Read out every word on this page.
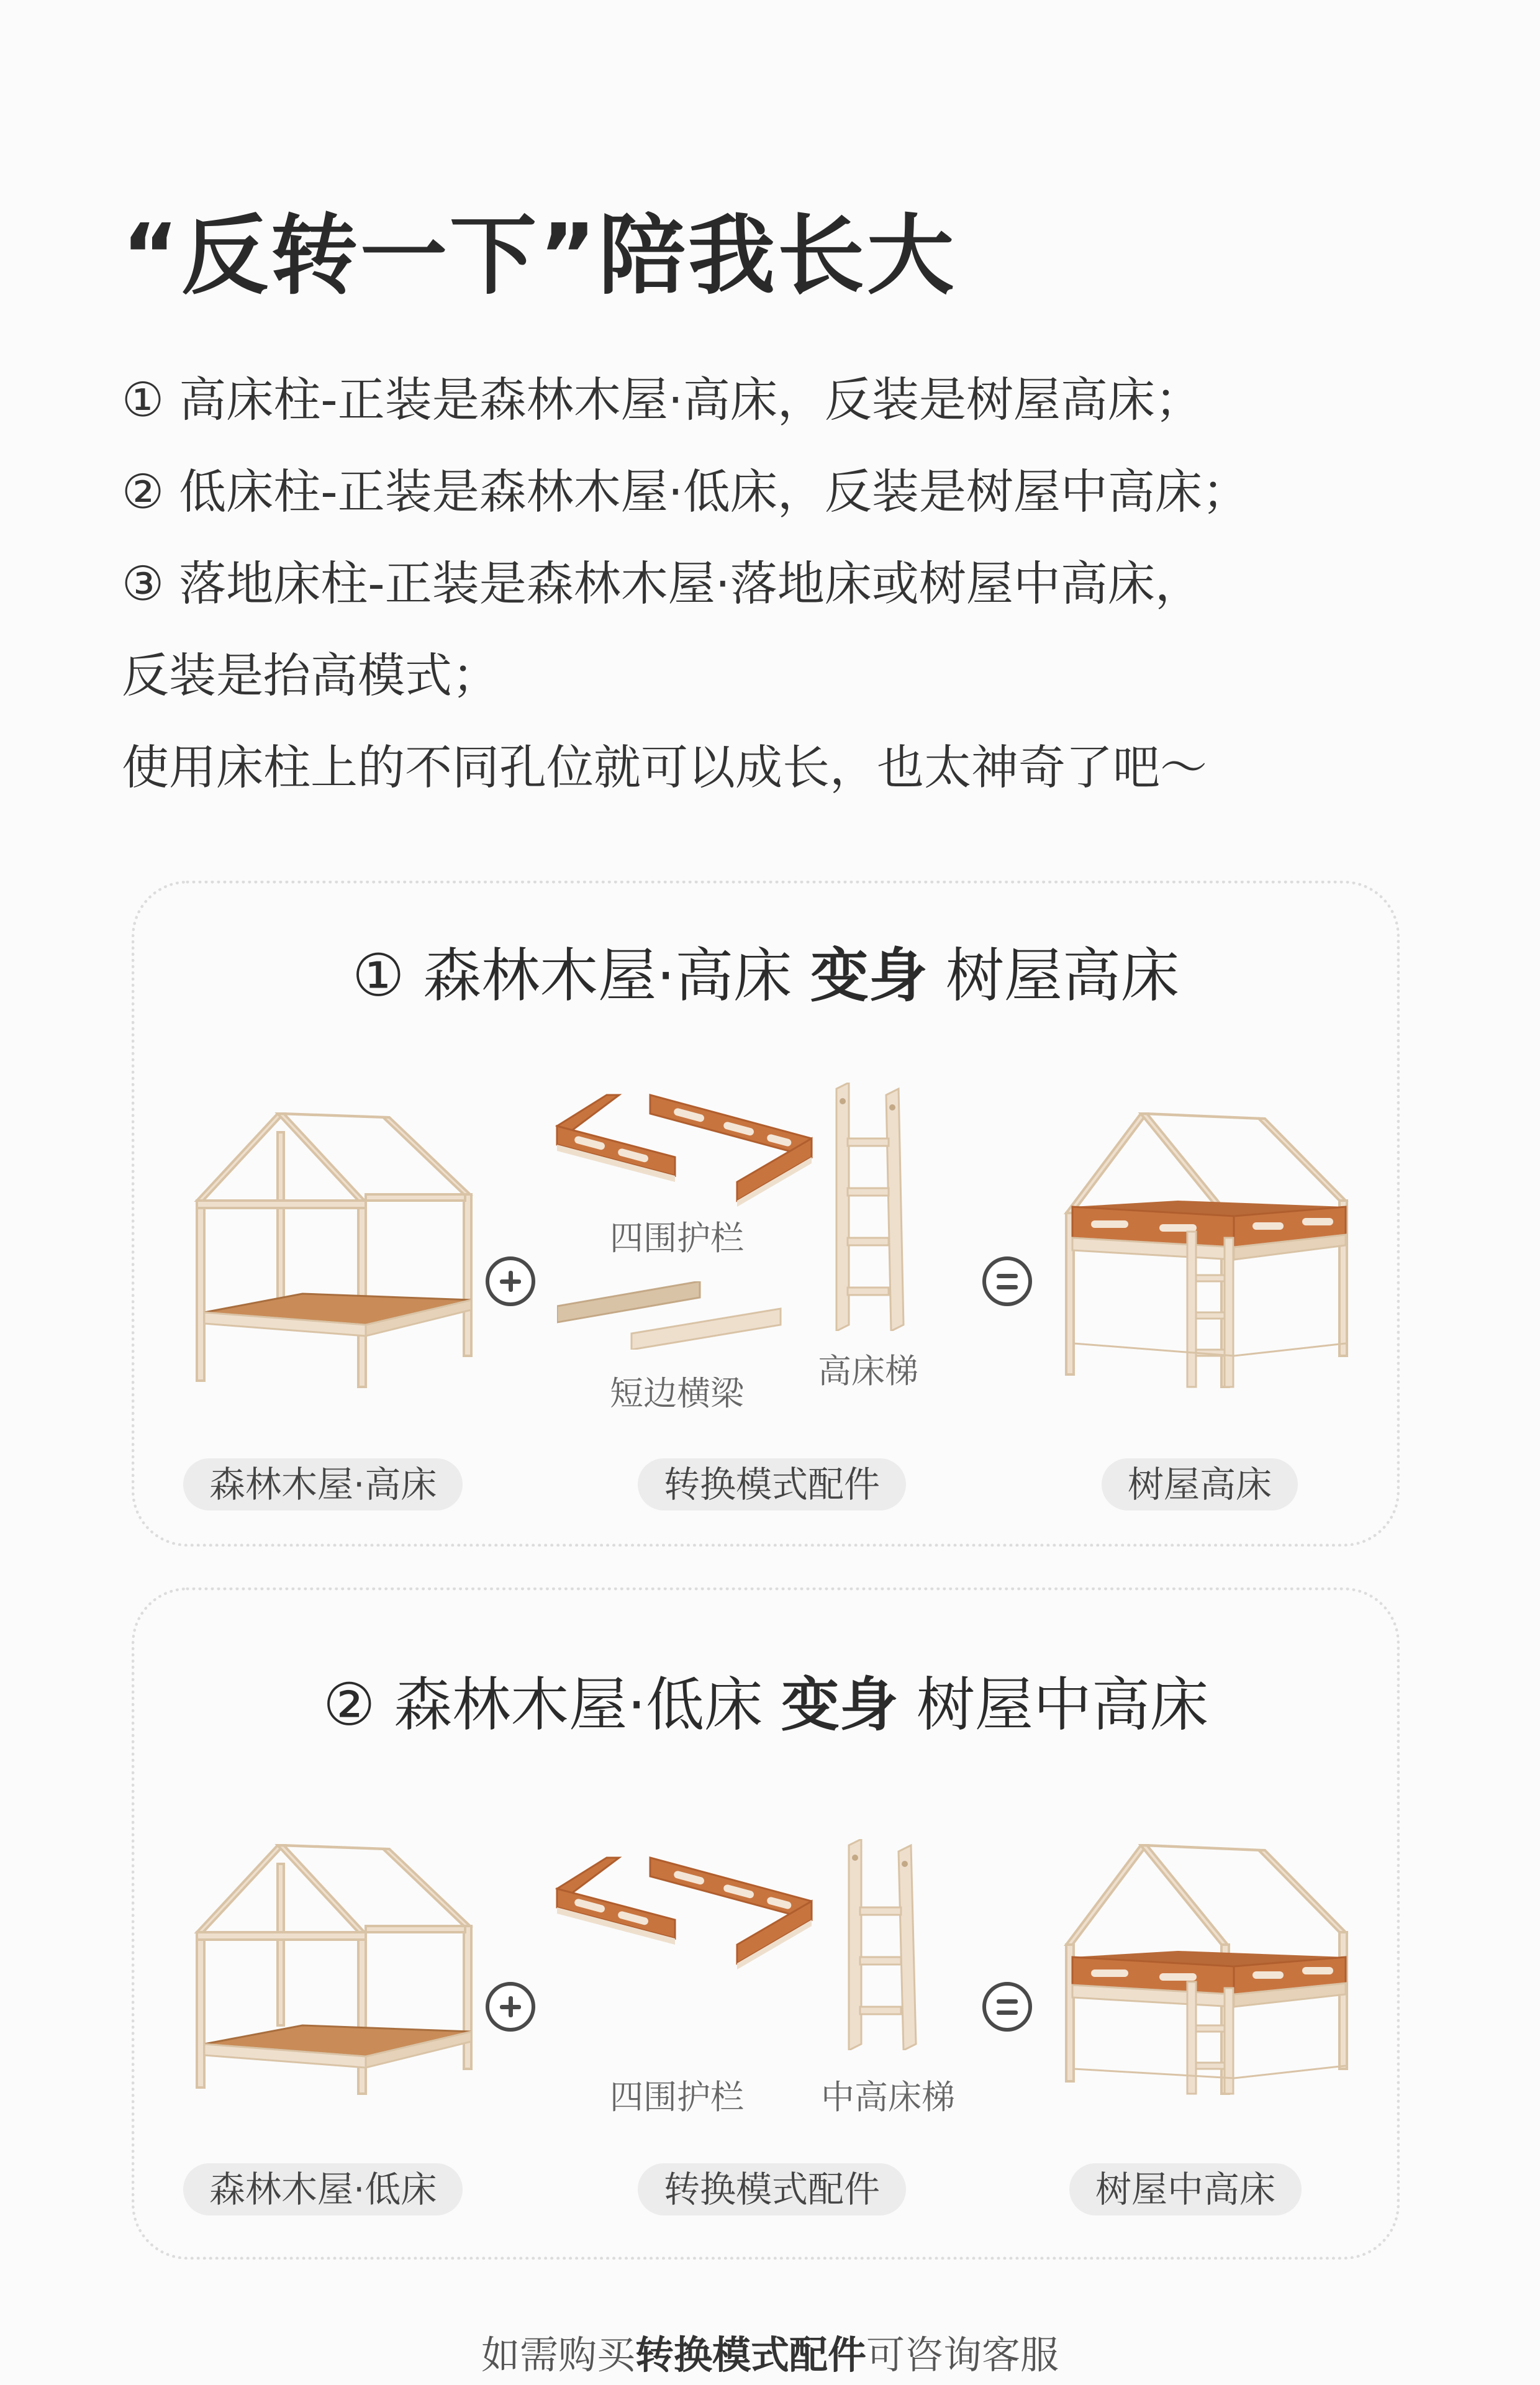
“反转一下”陪我长大
① 高床柱-正装是森林木屋·高床，反装是树屋高床；
② 低床柱-正装是森林木屋·低床，反装是树屋中高床；
③ 落地床柱-正装是森林木屋·落地床或树屋中高床，
反装是抬高模式；
使用床柱上的不同孔位就可以成长，也太神奇了吧～
① 森林木屋·高床 变身 树屋高床
四围护栏
短边横梁
高床梯
森林木屋·高床	转换模式配件	树屋高床
② 森林木屋·低床 变身 树屋中高床
四围护栏 中高床梯
森林木屋·低床	转换模式配件	树屋中高床
如需购买转换模式配件可咨询客服
